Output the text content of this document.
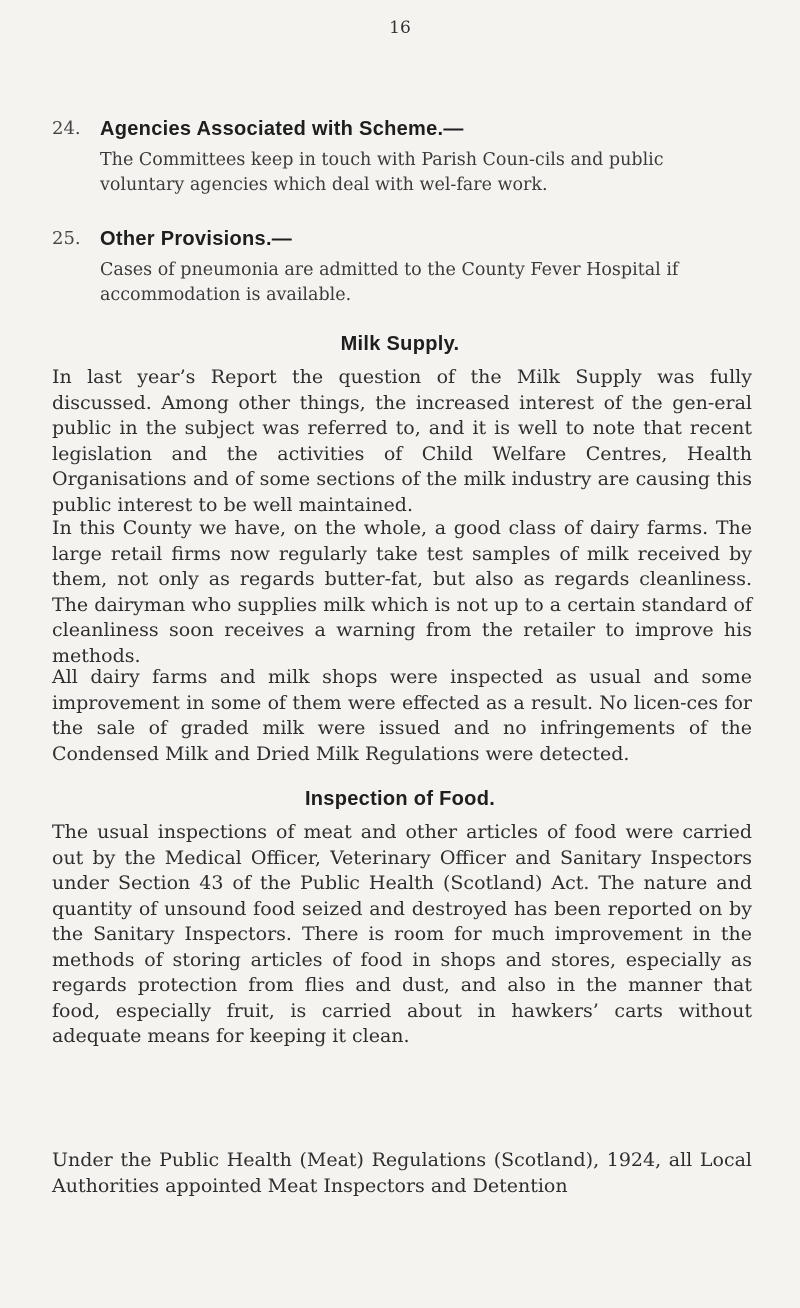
16
24. Agencies Associated with Scheme.—
The Committees keep in touch with Parish Coun-cils and public voluntary agencies which deal with wel-fare work.
25. Other Provisions.—
Cases of pneumonia are admitted to the County Fever Hospital if accommodation is available.
Milk Supply.

In last year’s Report the question of the Milk Supply was fully discussed. Among other things, the increased interest of the gen-eral public in the subject was referred to, and it is well to note that recent legislation and the activities of Child Welfare Centres, Health Organisations and of some sections of the milk industry are causing this public interest to be well maintained.

In this County we have, on the whole, a good class of dairy farms. The large retail firms now regularly take test samples of milk received by them, not only as regards butter-fat, but also as regards cleanliness. The dairyman who supplies milk which is not up to a certain standard of cleanliness soon receives a warning from the retailer to improve his methods.

All dairy farms and milk shops were inspected as usual and some improvement in some of them were effected as a result. No licen-ces for the sale of graded milk were issued and no infringements of the Condensed Milk and Dried Milk Regulations were detected.

Inspection of Food.

The usual inspections of meat and other articles of food were carried out by the Medical Officer, Veterinary Officer and Sanitary Inspectors under Section 43 of the Public Health (Scotland) Act. The nature and quantity of unsound food seized and destroyed has been reported on by the Sanitary Inspectors. There is room for much improvement in the methods of storing articles of food in shops and stores, especially as regards protection from flies and dust, and also in the manner that food, especially fruit, is carried about in hawkers’ carts without adequate means for keeping it clean.

Under the Public Health (Meat) Regulations (Scotland), 1924, all Local Authorities appointed Meat Inspectors and Detention
